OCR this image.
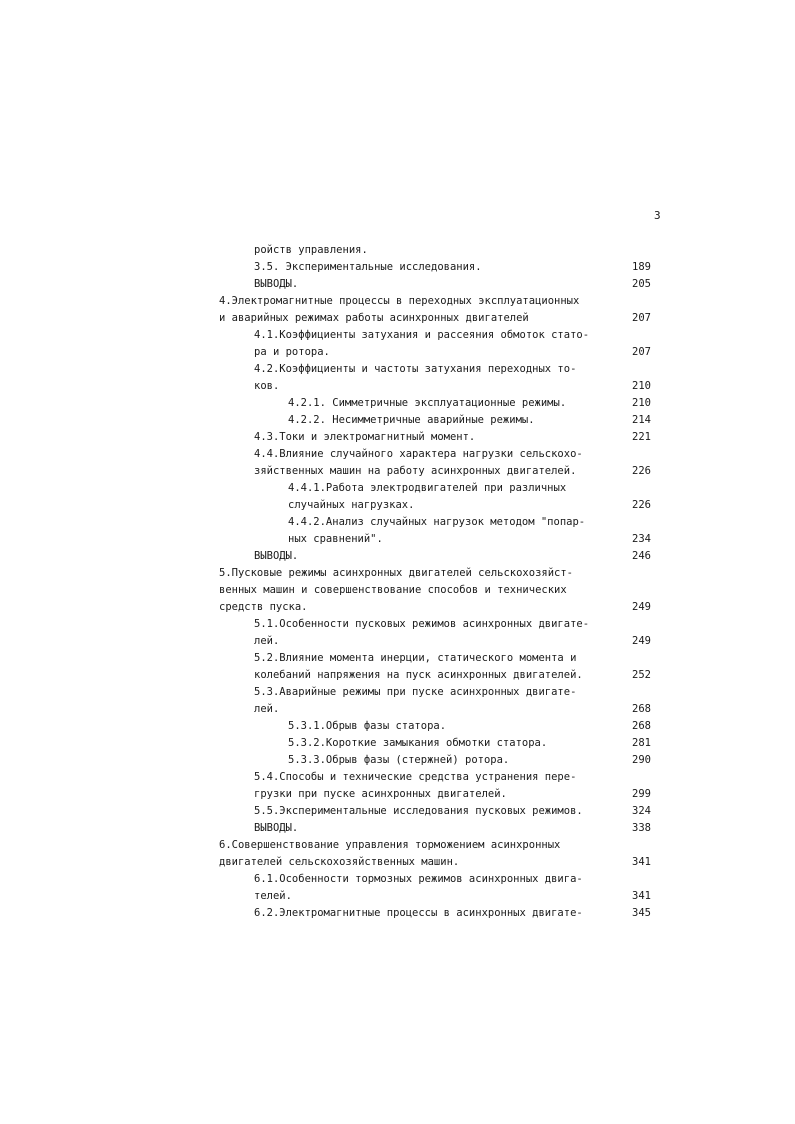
3
ройств управления.
3.5. Экспериментальные исследования.	189
ВЫВОДЫ.	205
4.Электромагнитные процессы в переходных эксплуатационных
и аварийных режимах работы асинхронных двигателей	207
4.1.Коэффициенты затухания и рассеяния обмоток стато-
ра и ротора.	207
4.2.Коэффициенты и частоты затухания переходных то-
ков.	210
4.2.1. Симметричные эксплуатационные режимы.	210
4.2.2. Несимметричные аварийные режимы.	214
4.3.Токи и электромагнитный момент.	221
4.4.Влияние случайного характера нагрузки сельскохо-
зяйственных машин на работу асинхронных двигателей.	226
4.4.1.Работа электродвигателей при различных
случайных нагрузках.	226
4.4.2.Анализ случайных нагрузок методом "попар-
ных сравнений".	234
ВЫВОДЫ.	246
5.Пусковые режимы асинхронных двигателей сельскохозяйст-
венных машин и совершенствование способов и технических
средств пуска.	249
5.1.Особенности пусковых режимов асинхронных двигате-
лей.	249
5.2.Влияние момента инерции, статического момента и
колебаний напряжения на пуск асинхронных двигателей.	252
5.3.Аварийные режимы при пуске асинхронных двигате-
лей.	268
5.3.1.Обрыв фазы статора.	268
5.3.2.Короткие замыкания обмотки статора.	281
5.3.3.Обрыв фазы (стержней) ротора.	290
5.4.Способы и технические средства устранения пере-
грузки при пуске асинхронных двигателей.	299
5.5.Экспериментальные исследования пусковых режимов.	324
ВЫВОДЫ.	338
6.Совершенствование управления торможением асинхронных
двигателей сельскохозяйственных машин.	341
6.1.Особенности тормозных режимов асинхронных двига-
телей.	341
6.2.Электромагнитные процессы в асинхронных двигате-	345
